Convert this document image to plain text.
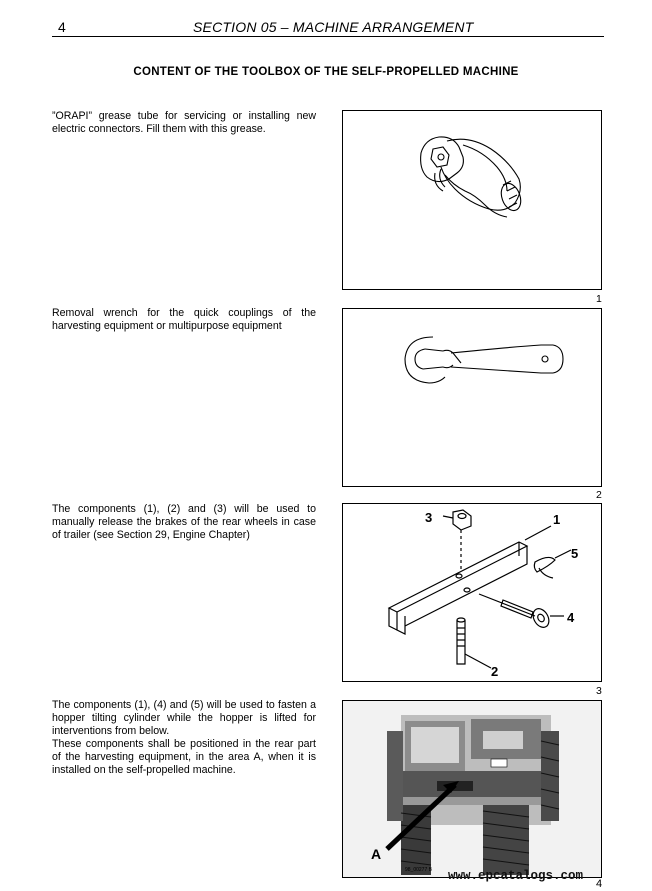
4	SECTION 05 – MACHINE ARRANGEMENT
CONTENT OF THE TOOLBOX OF THE SELF-PROPELLED MACHINE

”ORAPI” grease tube for servicing or installing new electric connectors. Fill them with this grease.

1

Removal wrench for the quick couplings of the harvesting equipment or multipurpose equipment

2

The components (1), (2) and (3) will be used to manually release the brakes of the rear wheels in case of trailer (see Section 29, Engine Chapter)

3	1
5
4
2
3

The components (1), (4) and (5) will be used to fasten a hopper tilting cylinder while the hopper is lifted for interventions from below.

These components shall be positioned in the rear part of the harvesting equipment, in the area A, when it is installed on the self-propelled machine.

A
98_00277 B www.epcatalogs.com
4
